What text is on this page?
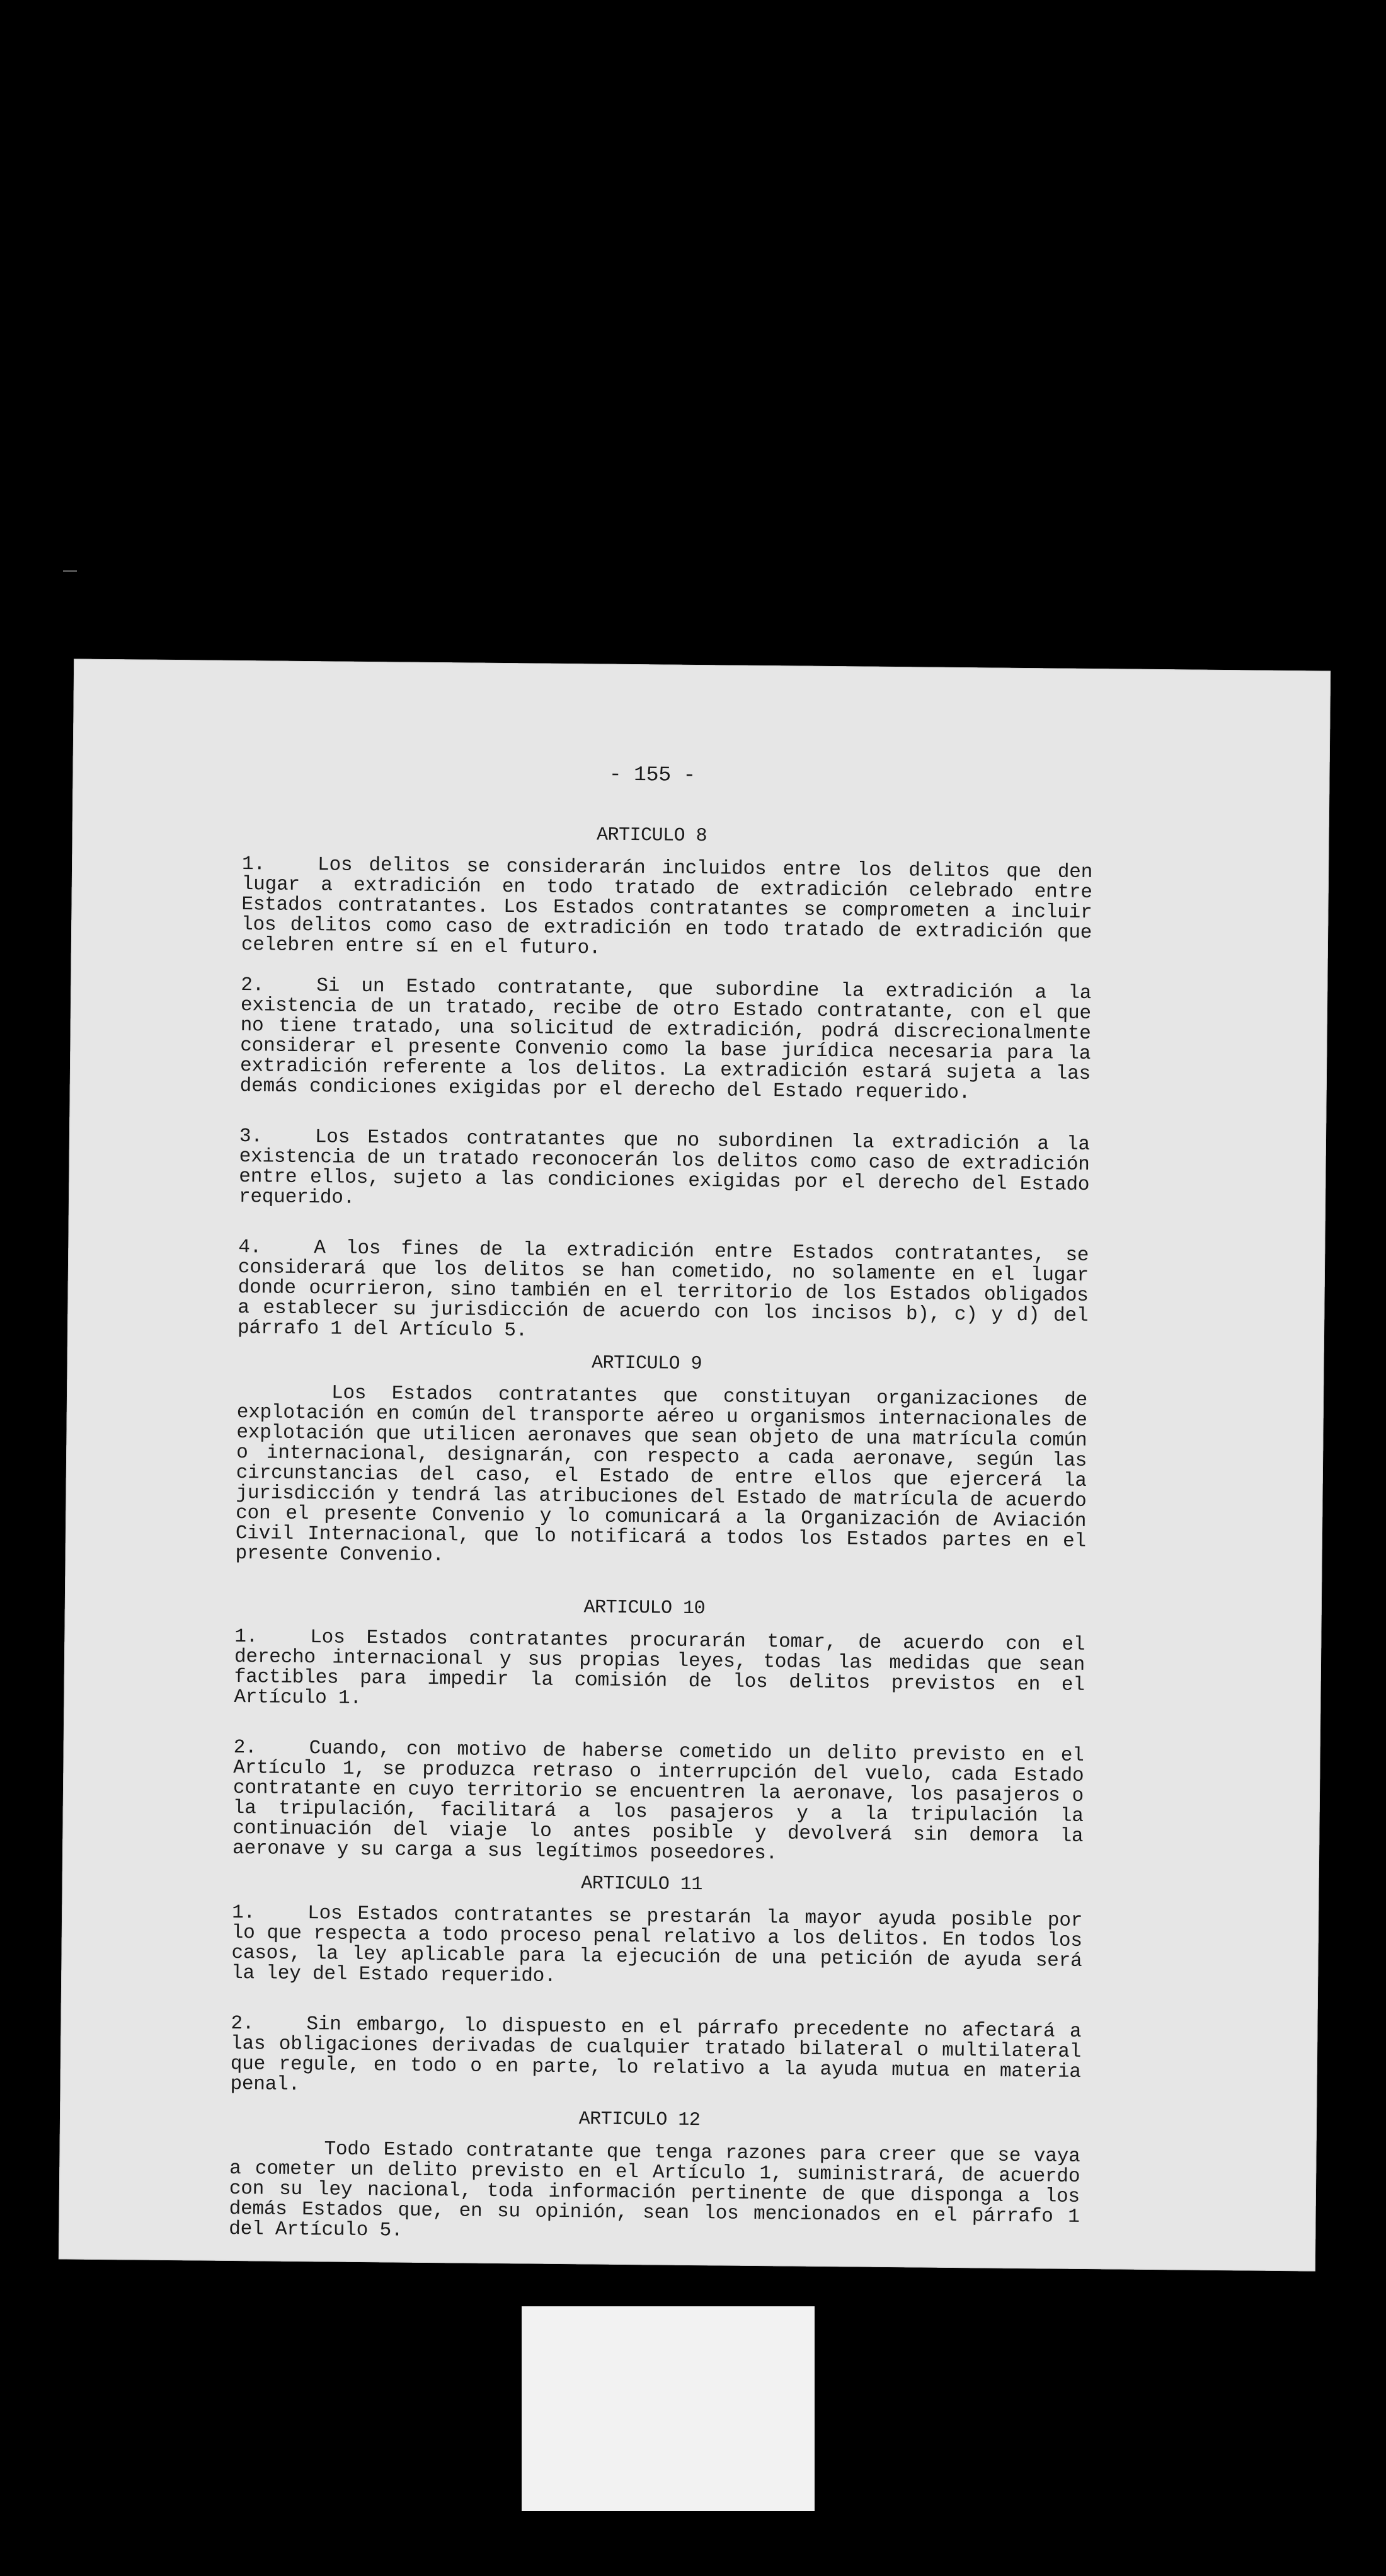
- 155 -
ARTICULO 8

1.	Los delitos se considerarán incluidos entre los delitos que den lugar a extradición en todo tratado de extradición celebrado entre Estados contratantes. Los Estados contratantes se comprometen a incluir los delitos como caso de extradición en todo tratado de extradición que celebren entre sí en el futuro.

2.	Si un Estado contratante, que subordine la extradición a la existencia de un tratado, recibe de otro Estado contratante, con el que no tiene tratado, una solicitud de extradición, podrá discrecionalmente considerar el presente Convenio como la base jurídica necesaria para la extradición referente a los delitos. La extradición estará sujeta a las demás condiciones exigidas por el derecho del Estado requerido.

3.	Los Estados contratantes que no subordinen la extradición a la existencia de un tratado reconocerán los delitos como caso de extradición entre ellos, sujeto a las condiciones exigidas por el derecho del Estado requerido.

4.	A los fines de la extradición entre Estados contratantes, se considerará que los delitos se han cometido, no solamente en el lugar donde ocurrieron, sino también en el territorio de los Estados obligados a establecer su jurisdicción de acuerdo con los incisos b), c) y d) del párrafo 1 del Artículo 5.

ARTICULO 9

Los Estados contratantes que constituyan organizaciones de explotación en común del transporte aéreo u organismos internacionales de explotación que utilicen aeronaves que sean objeto de una matrícula común o internacional, designarán, con respecto a cada aeronave, según las circunstancias del caso, el Estado de entre ellos que ejercerá la jurisdicción y tendrá las atribuciones del Estado de matrícula de acuerdo con el presente Convenio y lo comunicará a la Organización de Aviación Civil Internacional, que lo notificará a todos los Estados partes en el presente Convenio.

ARTICULO 10

1.	Los Estados contratantes procurarán tomar, de acuerdo con el derecho internacional y sus propias leyes, todas las medidas que sean factibles para impedir la comisión de los delitos previstos en el Artículo 1.

2.	Cuando, con motivo de haberse cometido un delito previsto en el Artículo 1, se produzca retraso o interrupción del vuelo, cada Estado contratante en cuyo territorio se encuentren la aeronave, los pasajeros o la tripulación, facilitará a los pasajeros y a la tripulación la continuación del viaje lo antes posible y devolverá sin demora la aeronave y su carga a sus legítimos poseedores.

ARTICULO 11

1.	Los Estados contratantes se prestarán la mayor ayuda posible por lo que respecta a todo proceso penal relativo a los delitos. En todos los casos, la ley aplicable para la ejecución de una petición de ayuda será la ley del Estado requerido.

2.	Sin embargo, lo dispuesto en el párrafo precedente no afectará a las obligaciones derivadas de cualquier tratado bilateral o multilateral que regule, en todo o en parte, lo relativo a la ayuda mutua en materia penal.

ARTICULO 12

Todo Estado contratante que tenga razones para creer que se vaya a cometer un delito previsto en el Artículo 1, suministrará, de acuerdo con su ley nacional, toda información pertinente de que disponga a los demás Estados que, en su opinión, sean los mencionados en el párrafo 1 del Artículo 5.
